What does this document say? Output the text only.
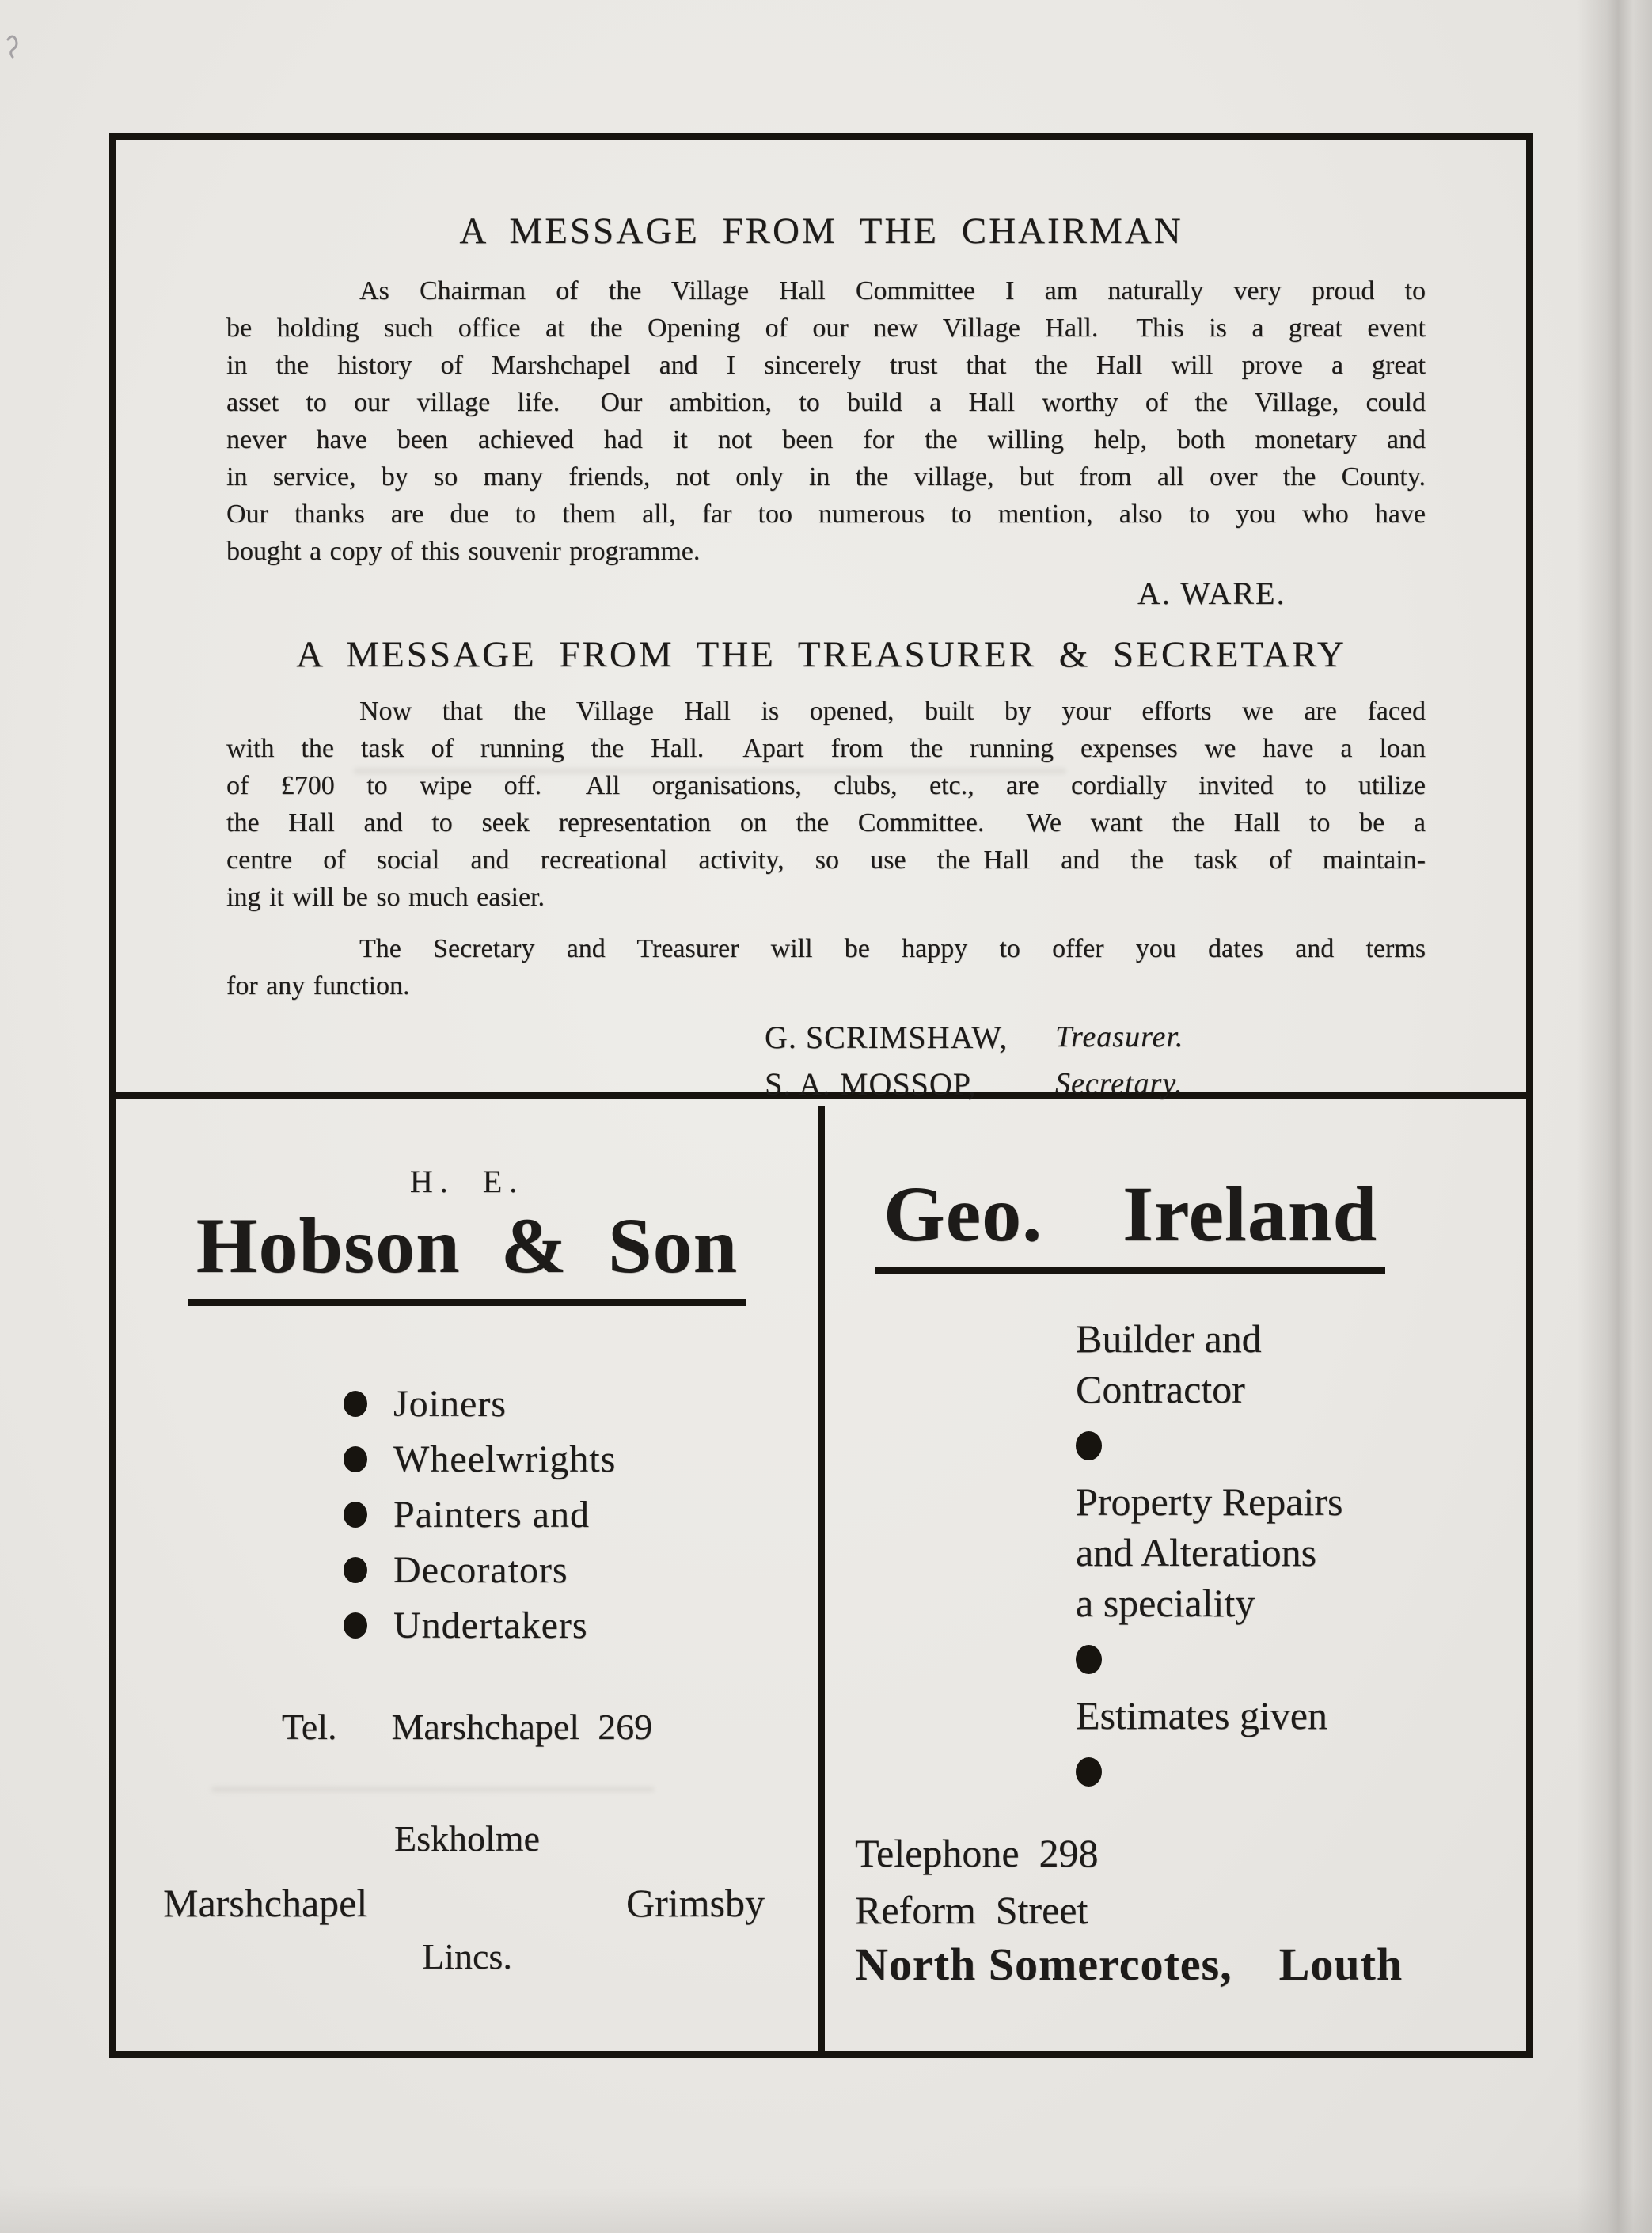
A MESSAGE FROM THE CHAIRMAN
As Chairman of the Village Hall Committee I am naturally very proud to
be holding such office at the Opening of our new Village Hall.  This is a great event
in the history of Marshchapel and I sincerely trust that the Hall will prove a great
asset to our village life.  Our ambition, to build a Hall worthy of the Village, could
never have been achieved had it not been for the willing help, both monetary and
in service, by so many friends, not only in the village, but from all over the County.
Our thanks are due to them all, far too numerous to mention, also to you who have
bought a copy of this souvenir programme.
A. WARE.
A MESSAGE FROM THE TREASURER & SECRETARY
Now that the Village Hall is opened, built by your efforts we are faced
with the task of running the Hall.  Apart from the running expenses we have a loan
of £700 to wipe off.  All organisations, clubs, etc., are cordially invited to utilize
the Hall and to seek representation on the Committee.  We want the Hall to be a
centre of social and recreational activity, so use the Hall and the task of maintain-
ing it will be so much easier.
The Secretary and Treasurer will be happy to offer you dates and terms
for any function.
G. SCRIMSHAW, Treasurer.
S. A. MOSSOP,	Secretary.
H. E.
Hobson & Son
Joiners
Wheelwrights
Painters and
Decorators
Undertakers
Tel.  Marshchapel 269
Eskholme
Marshchapel	Grimsby
Lincs.
Geo. Ireland
Builder and
Contractor
Property Repairs
and Alterations
a speciality
Estimates given
Telephone 298
Reform Street
North Somercotes, Louth
